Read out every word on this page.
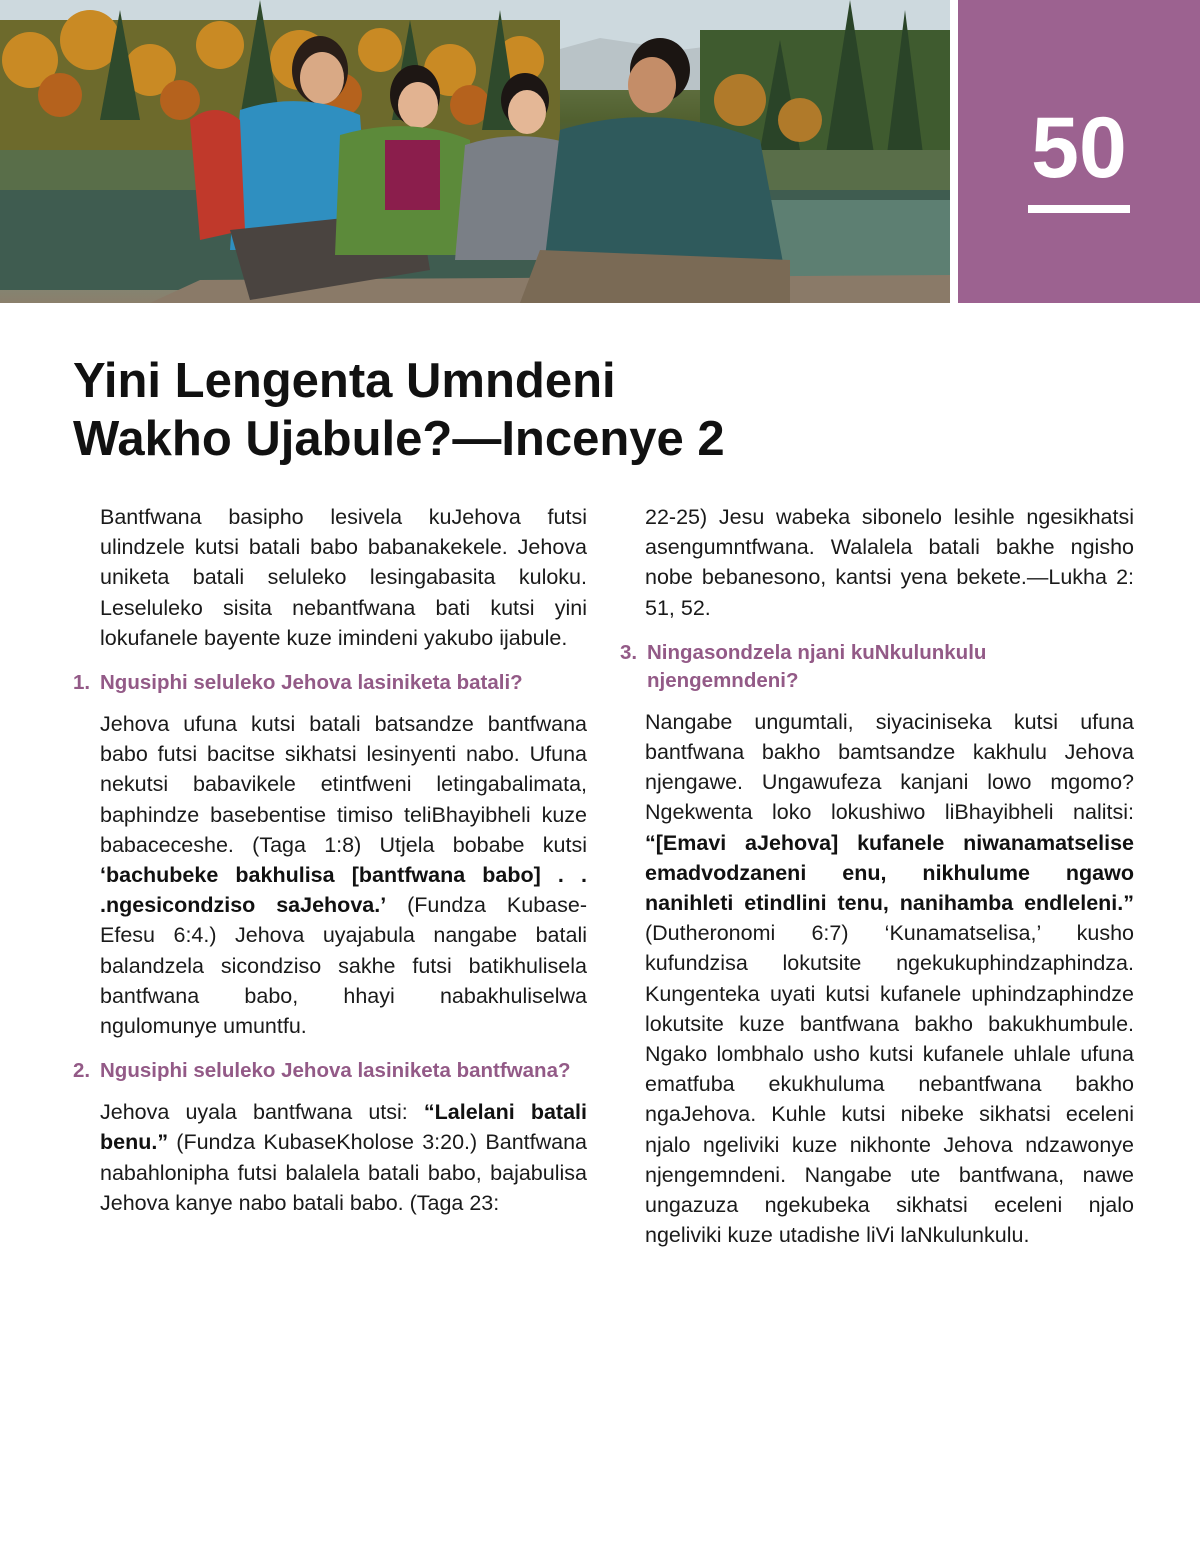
50
Yini Lengenta Umndeni
Wakho Ujabule?—Incenye 2

Bantfwana basipho lesivela kuJehova futsi ulindzele kutsi batali babo babanakekele. Jehova uniketa batali seluleko lesingabasita kuloku. Leseluleko sisita nebantfwana bati kutsi yini lokufanele bayente kuze imindeni yakubo ijabule.

1. Ngusiphi seluleko Jehova lasiniketa batali?

Jehova ufuna kutsi batali batsandze bantfwana babo futsi bacitse sikhatsi lesinyenti nabo. Ufuna nekutsi babavikele etintfweni letingabalimata, baphindze basebentise timiso teliBhayibheli kuze babaceceshe. (Taga 1:8) Utjela bobabe kutsi ‘bachubeke bakhulisa [bantfwana babo] . . .ngesicondziso saJehova.’ (Fundza Kubase-Efesu 6:4.) Jehova uyajabula nangabe batali balandzela sicondziso sakhe futsi batikhulisela bantfwana babo, hhayi nabakhuliselwa ngulomunye umuntfu.

2. Ngusiphi seluleko Jehova lasiniketa bantfwana?

Jehova uyala bantfwana utsi: “Lalelani batali benu.” (Fundza KubaseKholose 3:20.) Bantfwana nabahlonipha futsi balalela batali babo, bajabulisa Jehova kanye nabo batali babo. (Taga 23:

22-25) Jesu wabeka sibonelo lesihle ngesikhatsi asengumntfwana. Walalela batali bakhe ngisho nobe bebanesono, kantsi yena bekete.—Lukha 2: 51, 52.

3. Ningasondzela njani kuNkulunkulu njengemndeni?

Nangabe ungumtali, siyaciniseka kutsi ufuna bantfwana bakho bamtsandze kakhulu Jehova njengawe. Ungawufeza kanjani lowo mgomo? Ngekwenta loko lokushiwo liBhayibheli nalitsi: “[Emavi aJehova] kufanele niwanamatselise emadvodzaneni enu, nikhulume ngawo nanihleti etindlini tenu, nanihamba endleleni.” (Dutheronomi 6:7) ‘Kunamatselisa,’ kusho kufundzisa lokutsite ngekukuphindzaphindza. Kungenteka uyati kutsi kufanele uphindzaphindze lokutsite kuze bantfwana bakho bakukhumbule. Ngako lombhalo usho kutsi kufanele uhlale ufuna ematfuba ekukhuluma nebantfwana bakho ngaJehova. Kuhle kutsi nibeke sikhatsi eceleni njalo ngeliviki kuze nikhonte Jehova ndzawonye njengemndeni. Nangabe ute bantfwana, nawe ungazuza ngekubeka sikhatsi eceleni njalo ngeliviki kuze utadishe liVi laNkulunkulu.
